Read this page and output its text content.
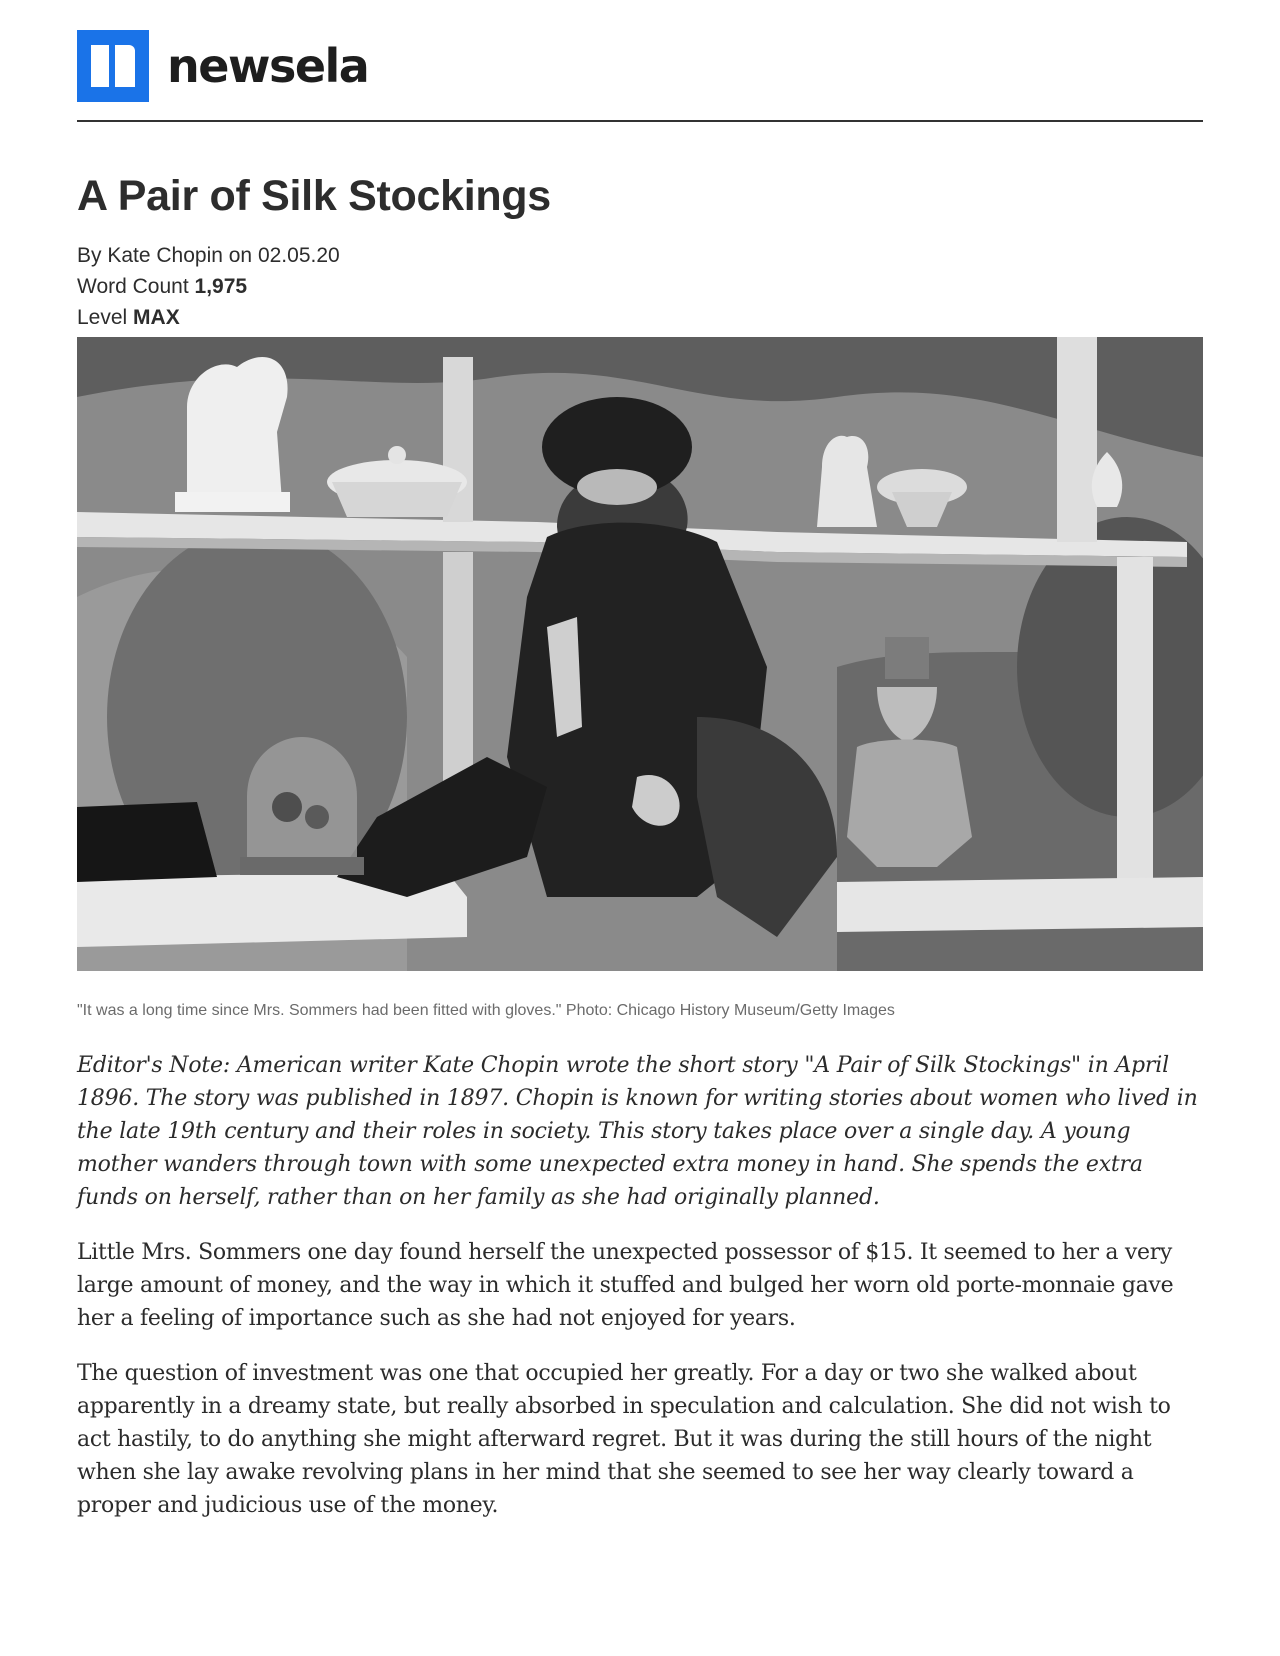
newsela
A Pair of Silk Stockings
By Kate Chopin on 02.05.20
Word Count 1,975
Level MAX
"It was a long time since Mrs. Sommers had been fitted with gloves." Photo: Chicago History Museum/Getty Images

Editor's Note: American writer Kate Chopin wrote the short story "A Pair of Silk Stockings" in April 1896. The story was published in 1897. Chopin is known for writing stories about women who lived in the late 19th century and their roles in society. This story takes place over a single day. A young mother wanders through town with some unexpected extra money in hand. She spends the extra funds on herself, rather than on her family as she had originally planned.

Little Mrs. Sommers one day found herself the unexpected possessor of $15. It seemed to her a very large amount of money, and the way in which it stuffed and bulged her worn old porte-monnaie gave her a feeling of importance such as she had not enjoyed for years.

The question of investment was one that occupied her greatly. For a day or two she walked about apparently in a dreamy state, but really absorbed in speculation and calculation. She did not wish to act hastily, to do anything she might afterward regret. But it was during the still hours of the night when she lay awake revolving plans in her mind that she seemed to see her way clearly toward a proper and judicious use of the money.
